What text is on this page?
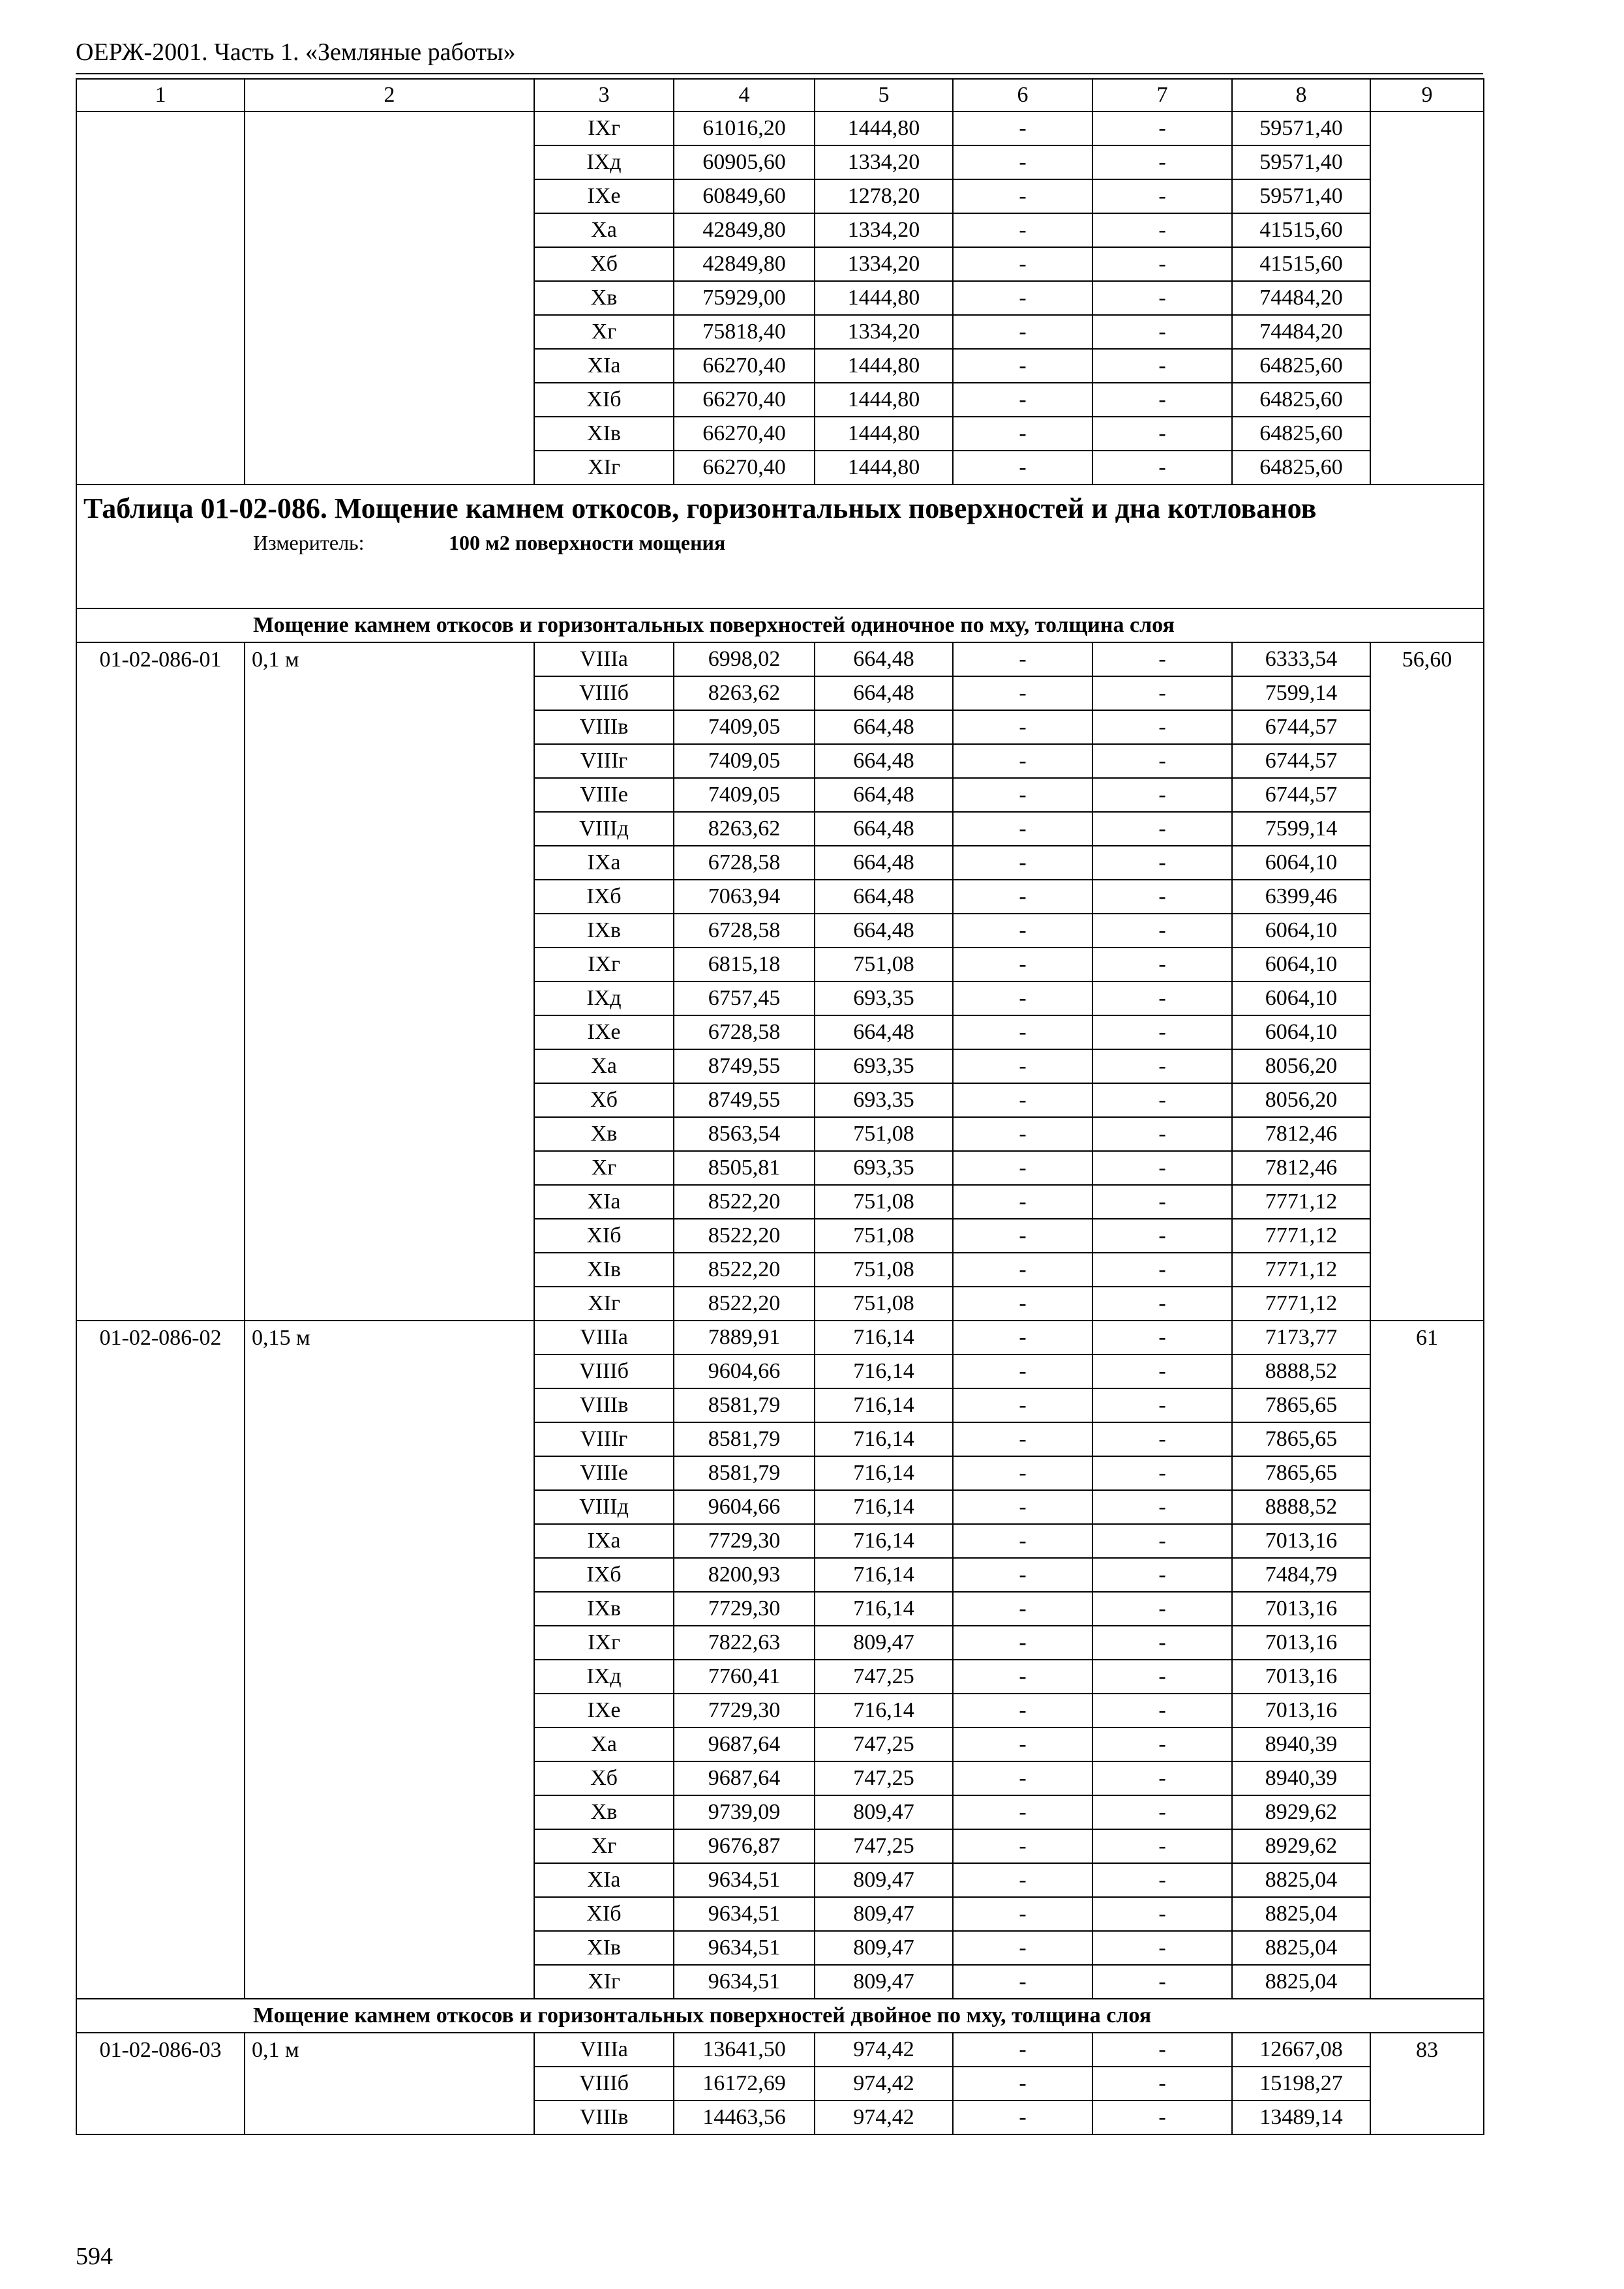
ОЕРЖ-2001. Часть 1. «Земляные работы»
1	2	3	4	5	6	7	8	9
		IXг	61016,20	1444,80	-	-	59571,40	
		IXд	60905,60	1334,20	-	-	59571,40	
		IXе	60849,60	1278,20	-	-	59571,40	
		Xа	42849,80	1334,20	-	-	41515,60	
		Xб	42849,80	1334,20	-	-	41515,60	
		Xв	75929,00	1444,80	-	-	74484,20	
		Xг	75818,40	1334,20	-	-	74484,20	
		XIа	66270,40	1444,80	-	-	64825,60	
		XIб	66270,40	1444,80	-	-	64825,60	
		XIв	66270,40	1444,80	-	-	64825,60	
		XIг	66270,40	1444,80	-	-	64825,60	

Таблица 01-02-086. Мощение камнем откосов, горизонтальных поверхностей и дна котлованов
Измеритель: 100 м2 поверхности мощения								

Мощение камнем откосов и горизонтальных поверхностей одиночное по мху, толщина слоя								
01-02-086-01	0,1 м	VIIIа	6998,02	664,48	-	-	6333,54	56,60
		VIIIб	8263,62	664,48	-	-	7599,14	
		VIIIв	7409,05	664,48	-	-	6744,57	
		VIIIг	7409,05	664,48	-	-	6744,57	
		VIIIе	7409,05	664,48	-	-	6744,57	
		VIIIд	8263,62	664,48	-	-	7599,14	
		IXа	6728,58	664,48	-	-	6064,10	
		IXб	7063,94	664,48	-	-	6399,46	
		IXв	6728,58	664,48	-	-	6064,10	
		IXг	6815,18	751,08	-	-	6064,10	
		IXд	6757,45	693,35	-	-	6064,10	
		IXе	6728,58	664,48	-	-	6064,10	
		Xа	8749,55	693,35	-	-	8056,20	
		Xб	8749,55	693,35	-	-	8056,20	
		Xв	8563,54	751,08	-	-	7812,46	
		Xг	8505,81	693,35	-	-	7812,46	
		XIа	8522,20	751,08	-	-	7771,12	
		XIб	8522,20	751,08	-	-	7771,12	
		XIв	8522,20	751,08	-	-	7771,12	
		XIг	8522,20	751,08	-	-	7771,12	
01-02-086-02	0,15 м	VIIIа	7889,91	716,14	-	-	7173,77	61
		VIIIб	9604,66	716,14	-	-	8888,52	
		VIIIв	8581,79	716,14	-	-	7865,65	
		VIIIг	8581,79	716,14	-	-	7865,65	
		VIIIе	8581,79	716,14	-	-	7865,65	
		VIIIд	9604,66	716,14	-	-	8888,52	
		IXа	7729,30	716,14	-	-	7013,16	
		IXб	8200,93	716,14	-	-	7484,79	
		IXв	7729,30	716,14	-	-	7013,16	
		IXг	7822,63	809,47	-	-	7013,16	
		IXд	7760,41	747,25	-	-	7013,16	
		IXе	7729,30	716,14	-	-	7013,16	
		Xа	9687,64	747,25	-	-	8940,39	
		Xб	9687,64	747,25	-	-	8940,39	
		Xв	9739,09	809,47	-	-	8929,62	
		Xг	9676,87	747,25	-	-	8929,62	
		XIа	9634,51	809,47	-	-	8825,04	
		XIб	9634,51	809,47	-	-	8825,04	
		XIв	9634,51	809,47	-	-	8825,04	
		XIг	9634,51	809,47	-	-	8825,04	
Мощение камнем откосов и горизонтальных поверхностей двойное по мху, толщина слоя								
01-02-086-03	0,1 м	VIIIа	13641,50	974,42	-	-	12667,08	83
		VIIIб	16172,69	974,42	-	-	15198,27	
		VIIIв	14463,56	974,42	-	-	13489,14	
594
